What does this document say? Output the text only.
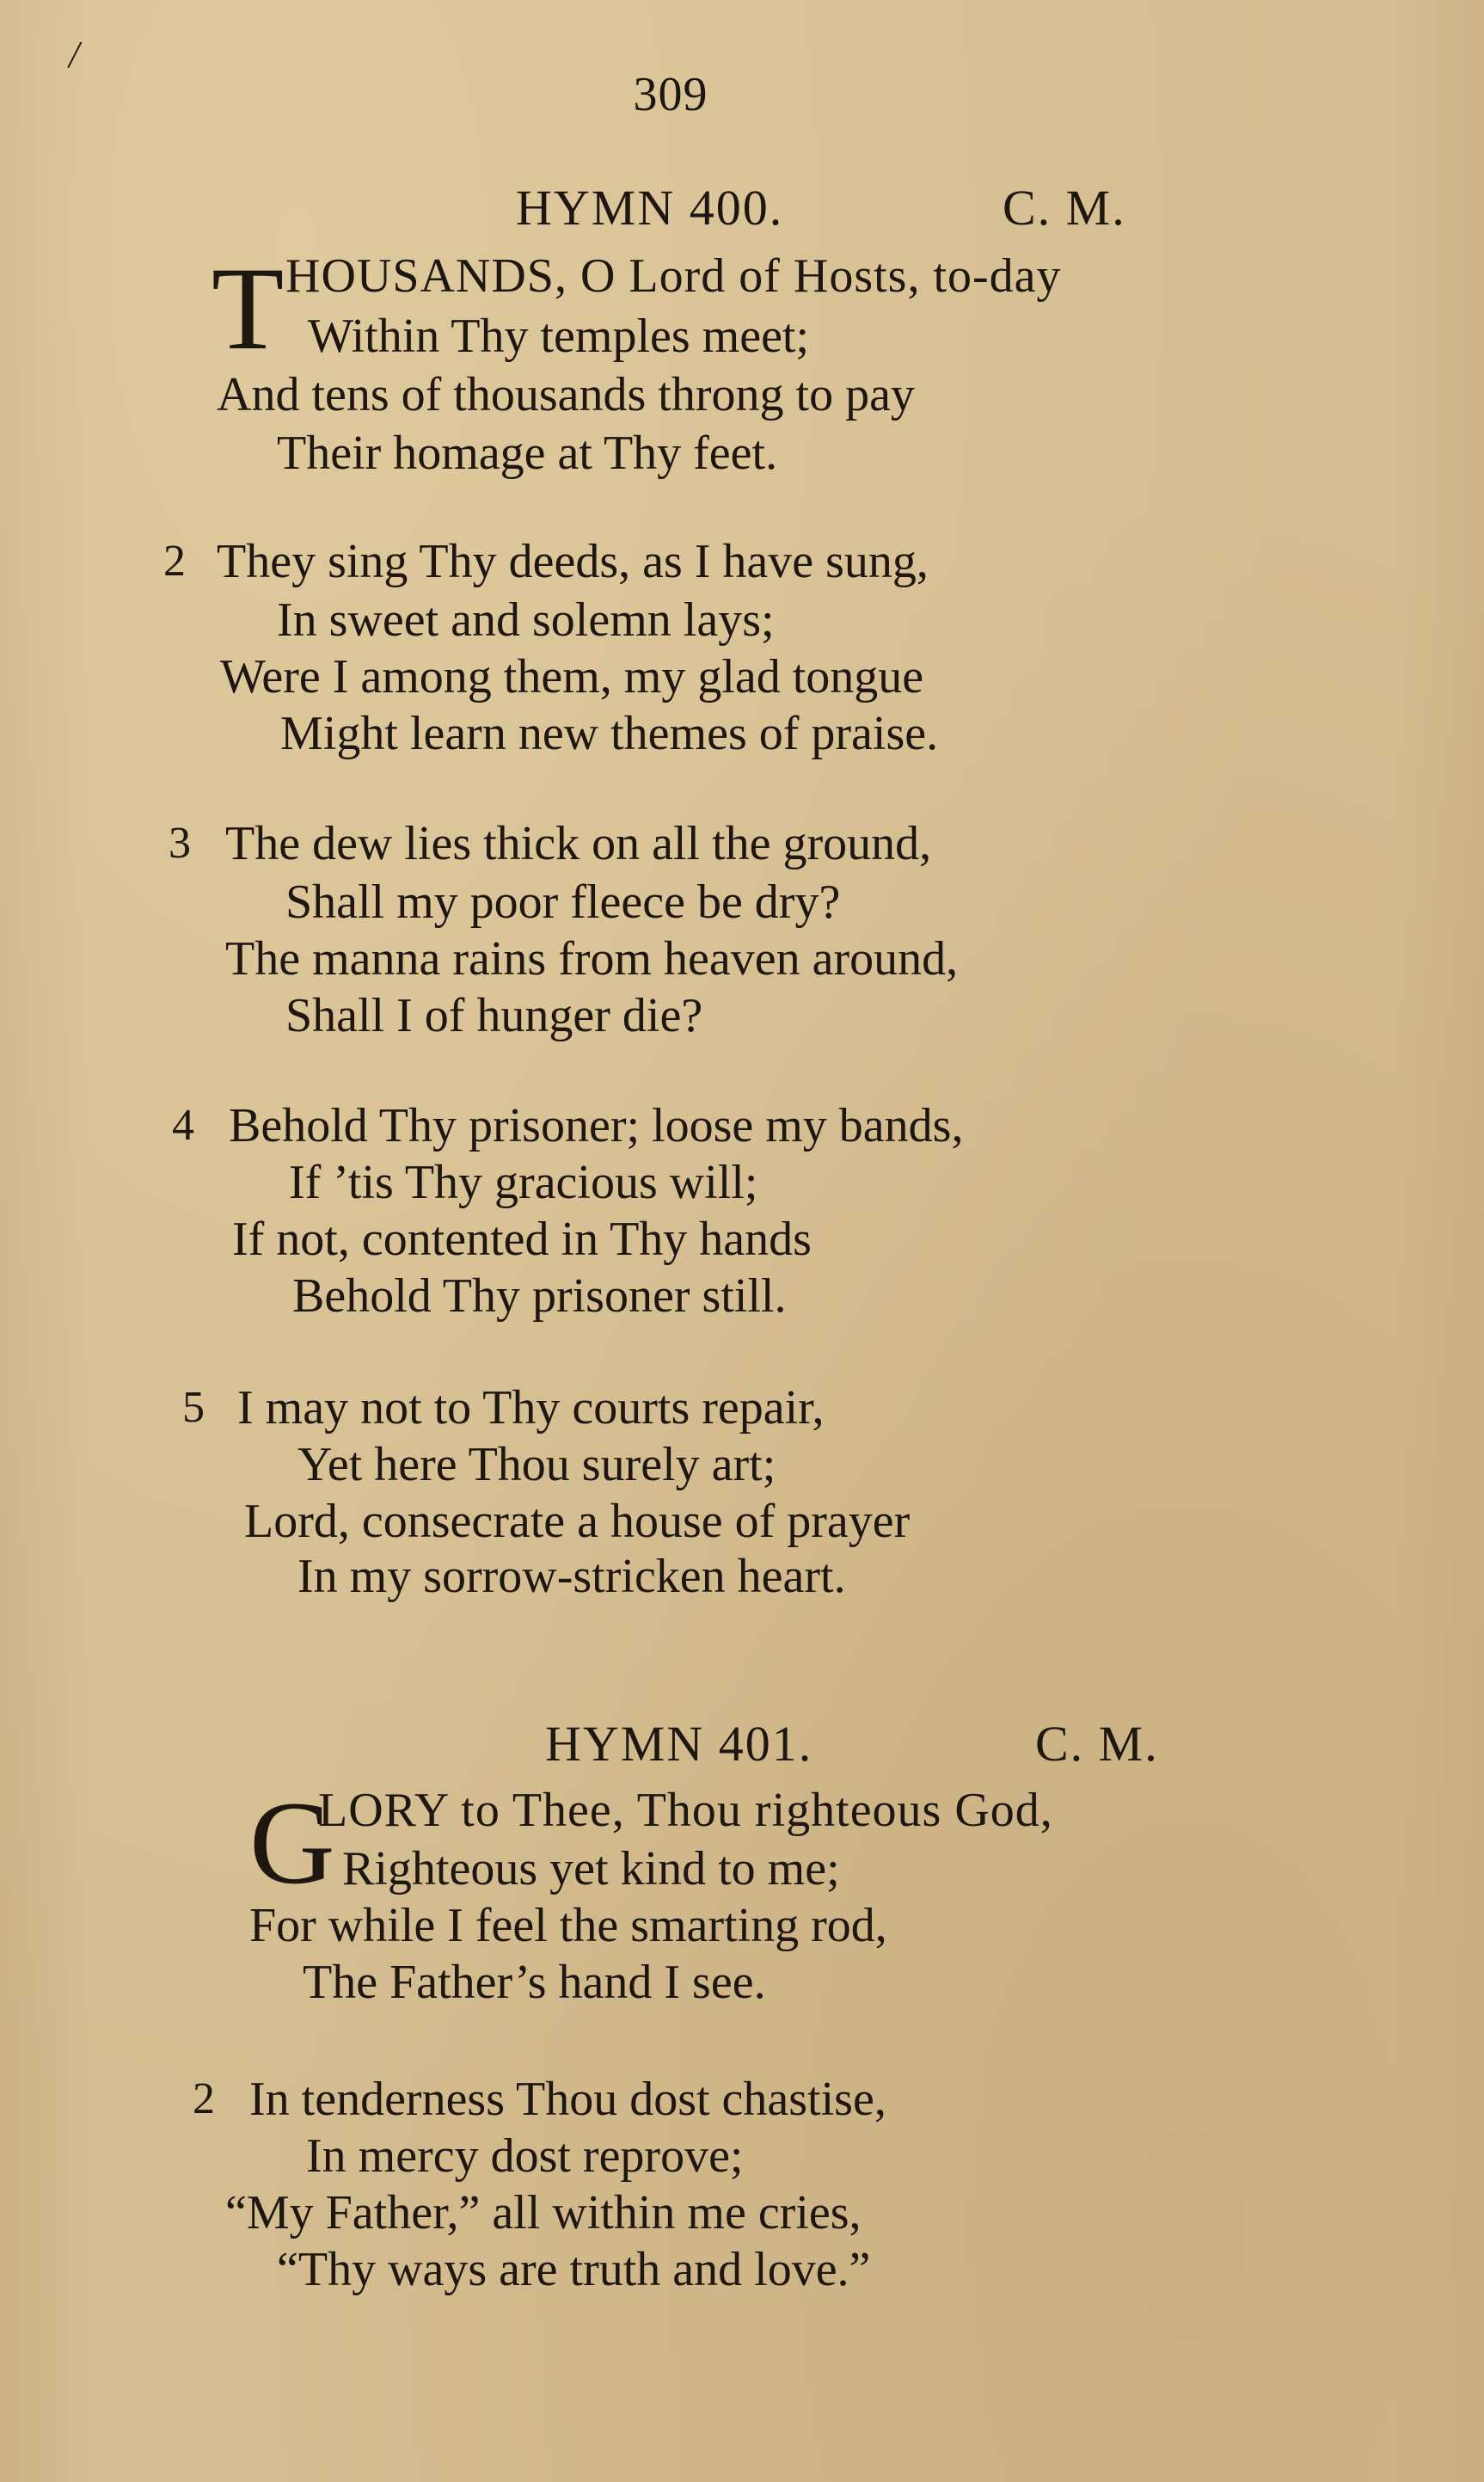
/
309
HYMN 400.	C. M.
T HOUSANDS, O Lord of Hosts, to-day
Within Thy temples meet;
And tens of thousands throng to pay
Their homage at Thy feet.
2 They sing Thy deeds, as I have sung,
In sweet and solemn lays;
Were I among them, my glad tongue
Might learn new themes of praise.
3 The dew lies thick on all the ground,
Shall my poor fleece be dry?
The manna rains from heaven around,
Shall I of hunger die?
4 Behold Thy prisoner; loose my bands,
If ’tis Thy gracious will;
If not, contented in Thy hands
Behold Thy prisoner still.
5 I may not to Thy courts repair,
Yet here Thou surely art;
Lord, consecrate a house of prayer
In my sorrow-stricken heart.
HYMN 401.	C. M.
G
LORY to Thee, Thou righteous God,
Righteous yet kind to me;
For while I feel the smarting rod,
The Father’s hand I see.
2 In tenderness Thou dost chastise,
In mercy dost reprove;
“My Father,” all within me cries,
“Thy ways are truth and love.”
